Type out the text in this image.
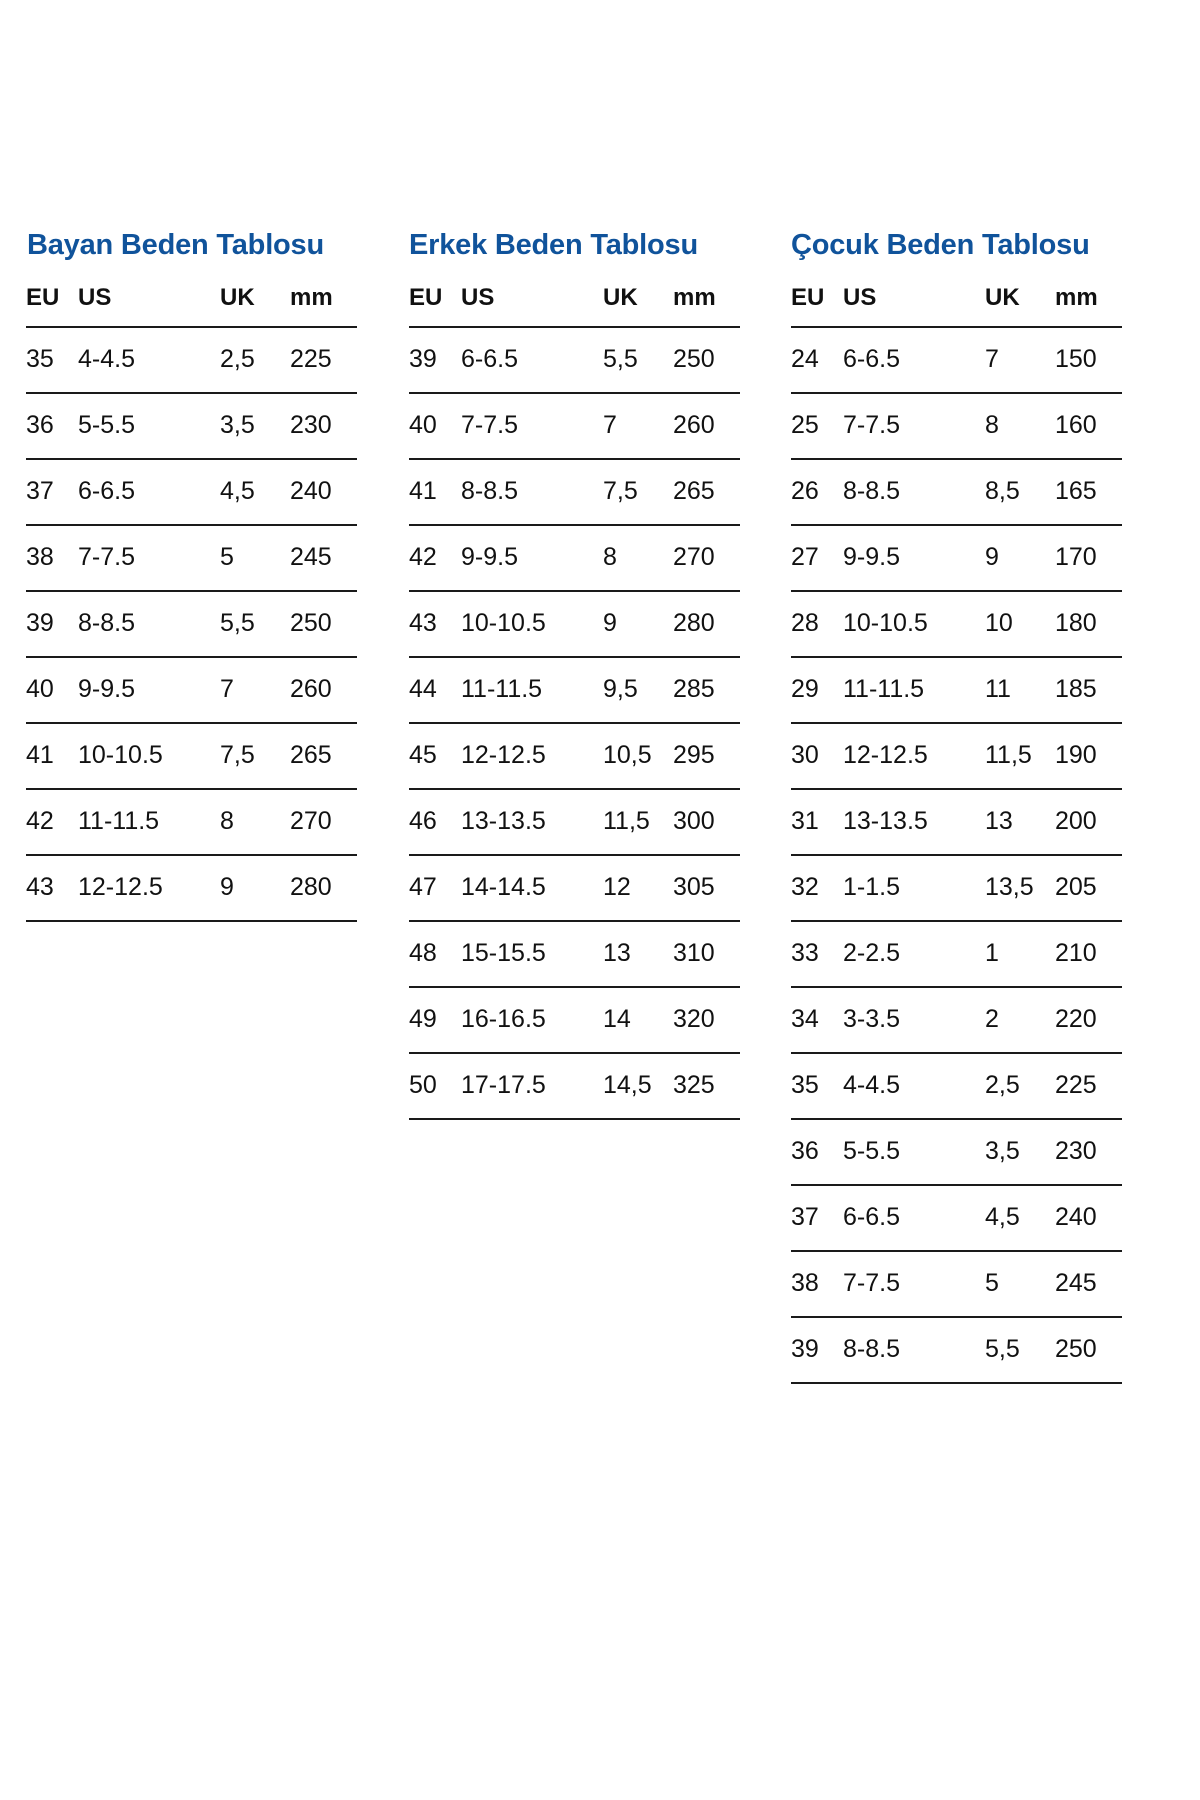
Bayan Beden Tablosu
EU	US	UK	mm

35	4-4.5	2,5	225

36	5-5.5	3,5	230

37	6-6.5	4,5	240

38	7-7.5	5	245

39	8-8.5	5,5	250

40	9-9.5	7	260

41	10-10.5	7,5	265

42	11-11.5	8	270

43	12-12.5	9	280
Erkek Beden Tablosu
EU	US	UK	mm

39	6-6.5	5,5	250

40	7-7.5	7	260

41	8-8.5	7,5	265

42	9-9.5	8	270

43	10-10.5	9	280

44	11-11.5	9,5	285

45	12-12.5	10,5	295

46	13-13.5	11,5	300

47	14-14.5	12	305

48	15-15.5	13	310

49	16-16.5	14	320

50	17-17.5	14,5	325
Çocuk Beden Tablosu
EU	US	UK	mm

24	6-6.5	7	150

25	7-7.5	8	160

26	8-8.5	8,5	165

27	9-9.5	9	170

28	10-10.5	10	180

29	11-11.5	11	185

30	12-12.5	11,5	190

31	13-13.5	13	200

32	1-1.5	13,5	205

33	2-2.5	1	210

34	3-3.5	2	220

35	4-4.5	2,5	225

36	5-5.5	3,5	230

37	6-6.5	4,5	240

38	7-7.5	5	245

39	8-8.5	5,5	250
